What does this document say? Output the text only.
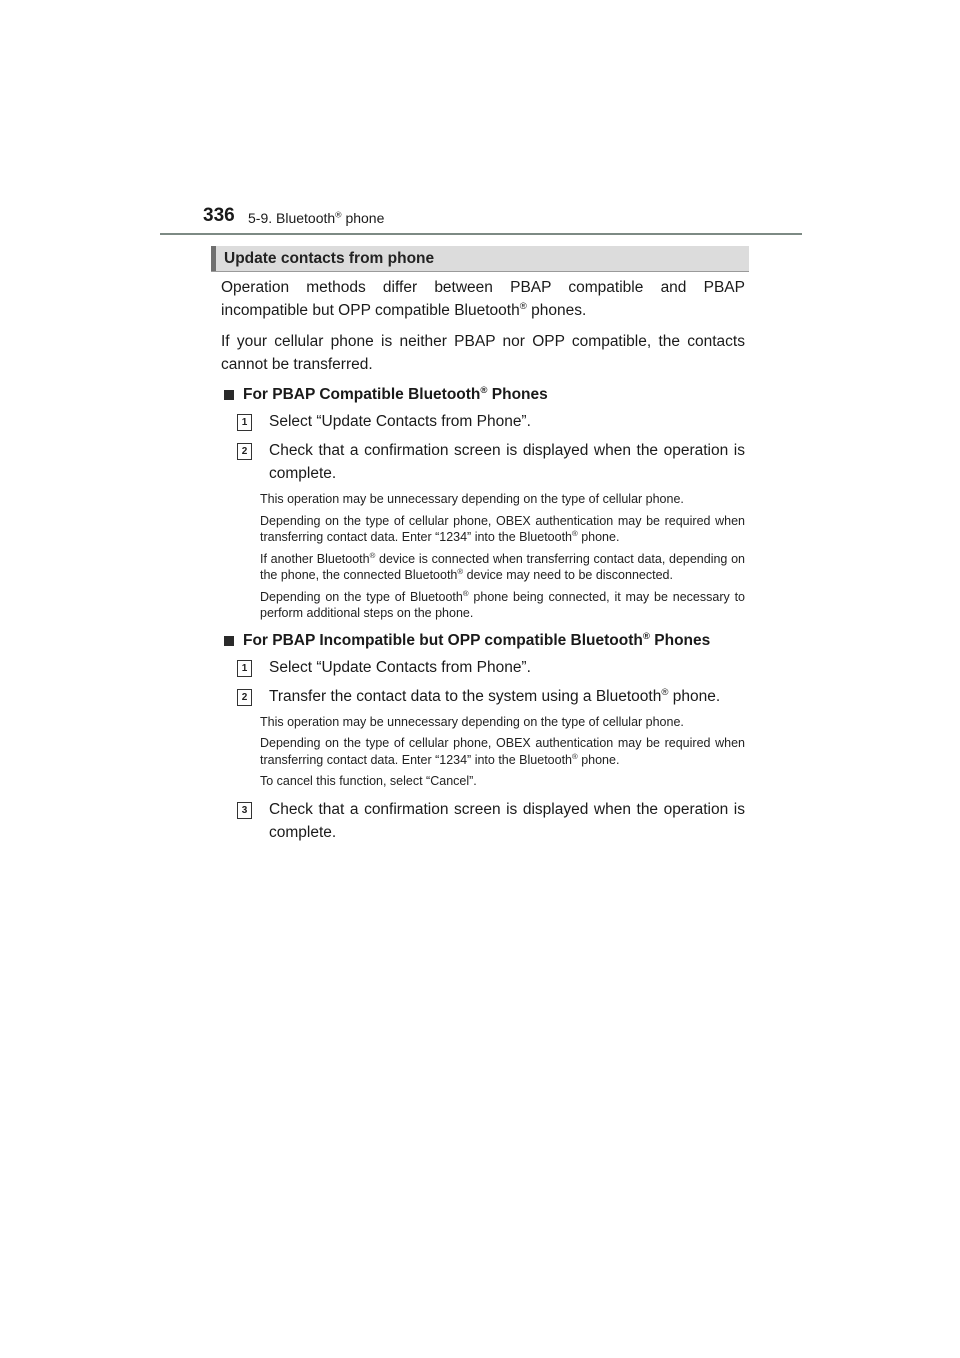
336 5-9. Bluetooth® phone
Update contacts from phone

Operation methods differ between PBAP compatible and PBAP incompatible but OPP compatible Bluetooth® phones.

If your cellular phone is neither PBAP nor OPP compatible, the contacts cannot be transferred.

For PBAP Compatible Bluetooth® Phones
1	Select “Update Contacts from Phone”.
2	Check that a confirmation screen is displayed when the operation is complete.

This operation may be unnecessary depending on the type of cellular phone.

Depending on the type of cellular phone, OBEX authentication may be required when transferring contact data. Enter “1234” into the Bluetooth® phone.

If another Bluetooth® device is connected when transferring contact data, depending on the phone, the connected Bluetooth® device may need to be disconnected.

Depending on the type of Bluetooth® phone being connected, it may be necessary to perform additional steps on the phone.

For PBAP Incompatible but OPP compatible Bluetooth® Phones
1	Select “Update Contacts from Phone”.
2	Transfer the contact data to the system using a Bluetooth® phone.

This operation may be unnecessary depending on the type of cellular phone.

Depending on the type of cellular phone, OBEX authentication may be required when transferring contact data. Enter “1234” into the Bluetooth® phone.

To cancel this function, select “Cancel”.

3	Check that a confirmation screen is displayed when the operation is complete.
